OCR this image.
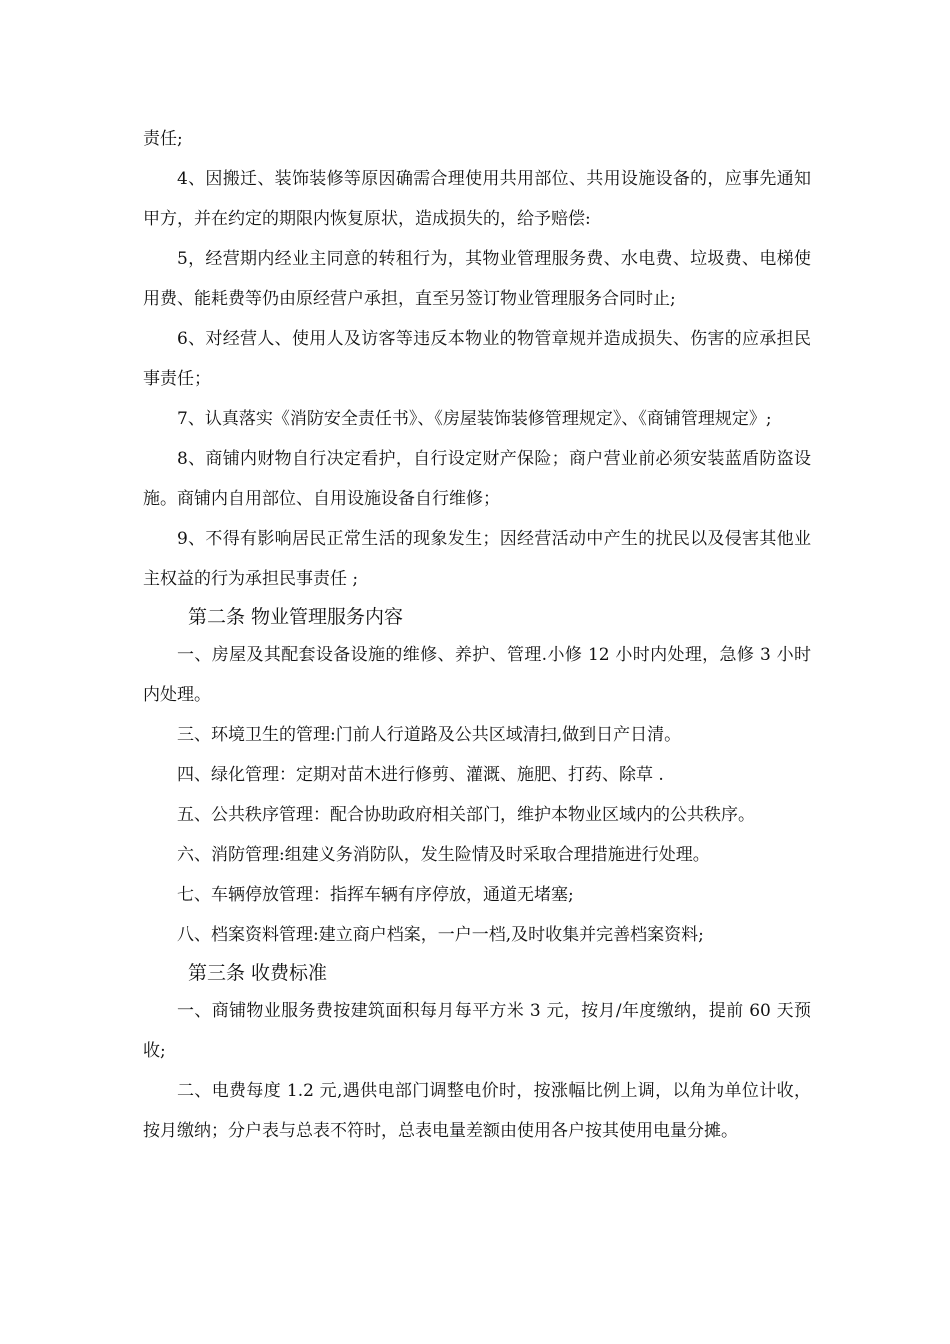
责任;

4、因搬迁、装饰装修等原因确需合理使用共用部位、共用设施设备的，应事先通知甲方，并在约定的期限内恢复原状，造成损失的，给予赔偿:

5，经营期内经业主同意的转租行为，其物业管理服务费、水电费、垃圾费、电梯使用费、能耗费等仍由原经营户承担，直至另签订物业管理服务合同时止;

6、对经营人、使用人及访客等违反本物业的物管章规并造成损失、伤害的应承担民事责任；

7、认真落实《消防安全责任书》、《房屋装饰装修管理规定》、《商铺管理规定》;

8、商铺内财物自行决定看护，自行设定财产保险；商户营业前必须安装蓝盾防盗设施。商铺内自用部位、自用设施设备自行维修；

9、不得有影响居民正常生活的现象发生；因经营活动中产生的扰民以及侵害其他业主权益的行为承担民事责任 ;

第二条 物业管理服务内容

一、房屋及其配套设备设施的维修、养护、管理.小修 12 小时内处理，急修 3 小时内处理。

三、环境卫生的管理:门前人行道路及公共区域清扫,做到日产日清。

四、绿化管理：定期对苗木进行修剪、灌溉、施肥、打药、除草 .

五、公共秩序管理：配合协助政府相关部门，维护本物业区域内的公共秩序。

六、消防管理:组建义务消防队，发生险情及时采取合理措施进行处理。

七、车辆停放管理：指挥车辆有序停放，通道无堵塞;

八、档案资料管理:建立商户档案，一户一档,及时收集并完善档案资料;

第三条 收费标准

一、商铺物业服务费按建筑面积每月每平方米 3 元，按月/年度缴纳，提前 60 天预收;

二、电费每度 1.2 元,遇供电部门调整电价时，按涨幅比例上调，以角为单位计收，按月缴纳；分户表与总表不符时，总表电量差额由使用各户按其使用电量分摊。
